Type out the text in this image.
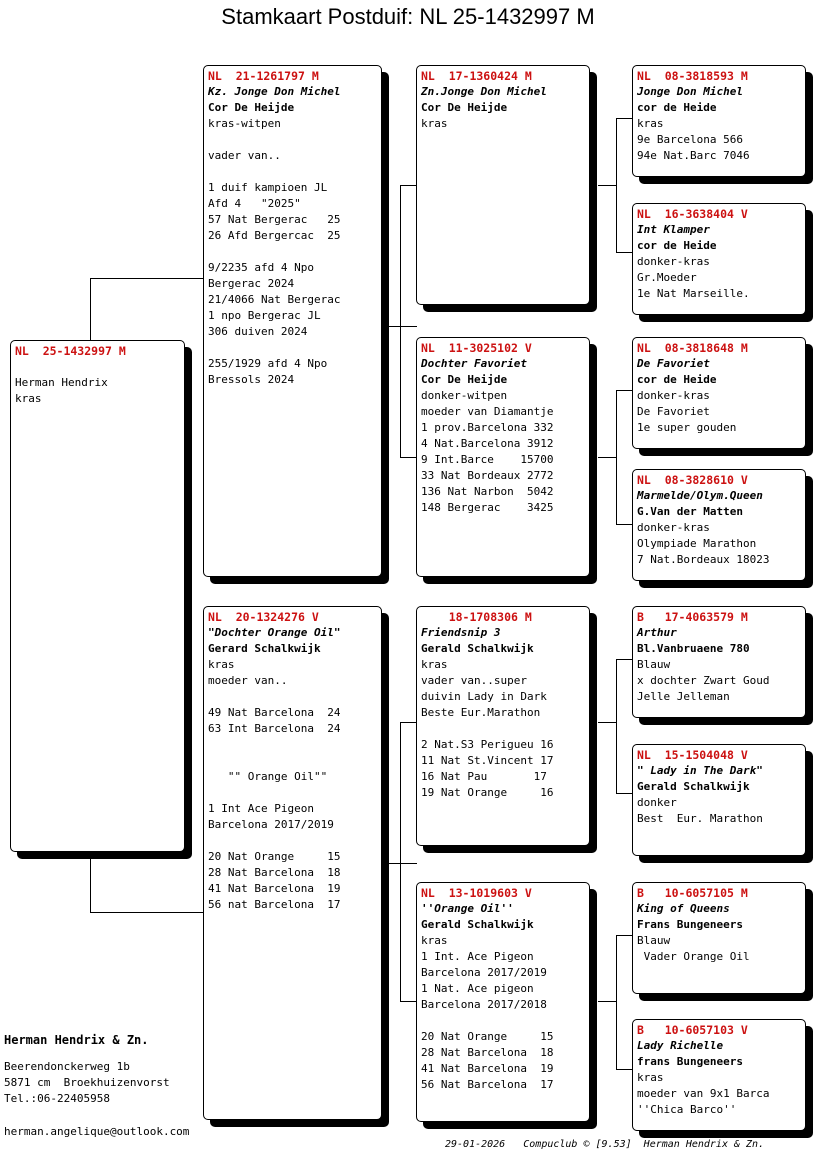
Stamkaart Postduif: NL 25-1432997 M
NL  25-1432997 M
Herman Hendrix
kras
NL  21-1261797 M
Kz. Jonge Don Michel
Cor De Heijde
kras-witpen
vader van..
1 duif kampioen JL
Afd 4   "2025"
57 Nat Bergerac   25
26 Afd Bergercac  25
9/2235 afd 4 Npo
Bergerac 2024
21/4066 Nat Bergerac
1 npo Bergerac JL
306 duiven 2024
255/1929 afd 4 Npo
Bressols 2024
NL  20-1324276 V
"Dochter Orange Oil"
Gerard Schalkwijk
kras
moeder van..
49 Nat Barcelona  24
63 Int Barcelona  24
"" Orange Oil""
1 Int Ace Pigeon
Barcelona 2017/2019
20 Nat Orange     15
28 Nat Barcelona  18
41 Nat Barcelona  19
56 nat Barcelona  17
NL  17-1360424 M
Zn.Jonge Don Michel
Cor De Heijde
kras
NL  11-3025102 V
Dochter Favoriet
Cor De Heijde
donker-witpen
moeder van Diamantje
1 prov.Barcelona 332
4 Nat.Barcelona 3912
9 Int.Barce    15700
33 Nat Bordeaux 2772
136 Nat Narbon  5042
148 Bergerac    3425
18-1708306 M
Friendsnip 3
Gerald Schalkwijk
kras
vader van..super
duivin Lady in Dark
Beste Eur.Marathon
2 Nat.S3 Perigueu 16
11 Nat St.Vincent 17
16 Nat Pau       17
19 Nat Orange     16
NL  13-1019603 V
''Orange Oil''
Gerald Schalkwijk
kras
1 Int. Ace Pigeon
Barcelona 2017/2019
1 Nat. Ace pigeon
Barcelona 2017/2018
20 Nat Orange     15
28 Nat Barcelona  18
41 Nat Barcelona  19
56 Nat Barcelona  17
NL  08-3818593 M
Jonge Don Michel
cor de Heide
kras
9e Barcelona 566
94e Nat.Barc 7046
NL  16-3638404 V
Int Klamper
cor de Heide
donker-kras
Gr.Moeder
1e Nat Marseille.
NL  08-3818648 M
De Favoriet
cor de Heide
donker-kras
De Favoriet
1e super gouden
NL  08-3828610 V
Marmelde/Olym.Queen
G.Van der Matten
donker-kras
Olympiade Marathon
7 Nat.Bordeaux 18023
B   17-4063579 M
Arthur
Bl.Vanbruaene 780
Blauw
x dochter Zwart Goud
Jelle Jelleman
NL  15-1504048 V
" Lady in The Dark"
Gerald Schalkwijk
donker
Best  Eur. Marathon
B   10-6057105 M
King of Queens
Frans Bungeneers
Blauw
Vader Orange Oil
B   10-6057103 V
Lady Richelle
frans Bungeneers
kras
moeder van 9x1 Barca
''Chica Barco''
Herman Hendrix & Zn.
Beerendonckerweg 1b
5871 cm  Broekhuizenvorst
Tel.:06-22405958
herman.angelique@outlook.com
29-01-2026   Compuclub © [9.53]  Herman Hendrix & Zn.
